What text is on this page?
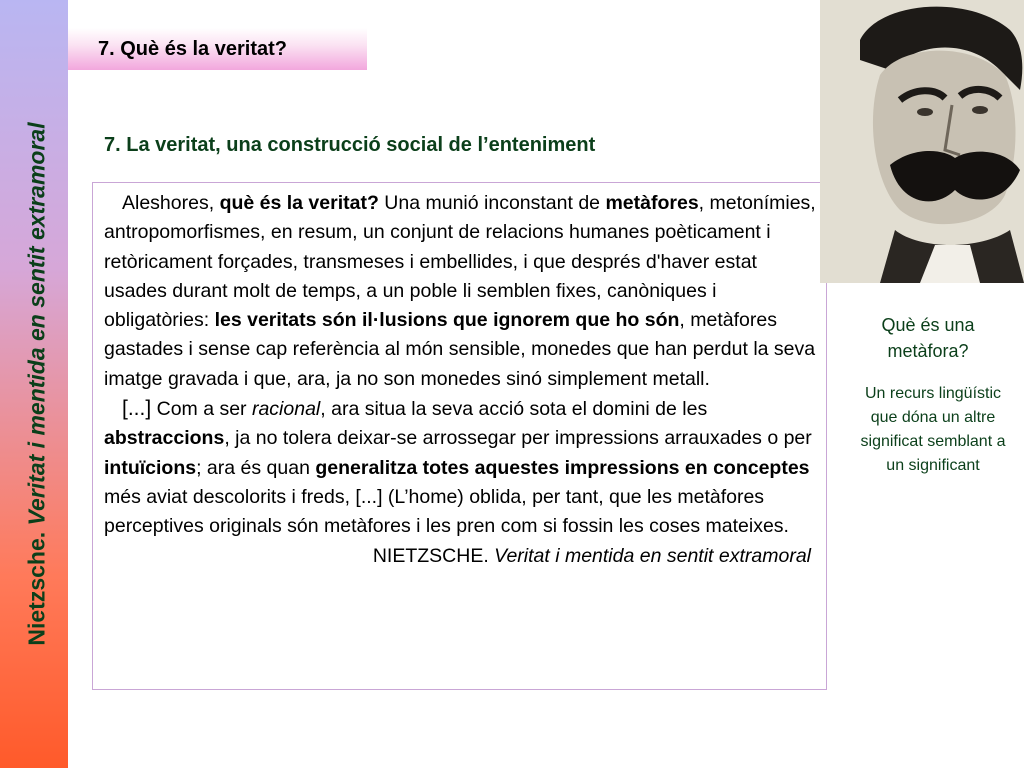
Nietzsche. Veritat i mentida en sentit extramoral
7. Què és la veritat?
7. La veritat, una construcció social de l’enteniment

Aleshores, què és la veritat? Una munió inconstant de metàfores, metonímies, antropomorfismes, en resum, un conjunt de relacions humanes poèticament i retòricament forçades, transmeses i embellides, i que després d'haver estat usades durant molt de temps, a un poble li semblen fixes, canòniques i obligatòries: les veritats són il·lusions que ignorem que ho són, metàfores gastades i sense cap referència al món sensible, monedes que han perdut la seva imatge gravada i que, ara, ja no son monedes sinó simplement metall.

[...] Com a ser racional, ara situa la seva acció sota el domini de les abstraccions, ja no tolera deixar-se arrossegar per impressions arrauxades o per intuïcions; ara és quan generalitza totes aquestes impressions en conceptes més aviat descolorits i freds, [...] (L’home) oblida, per tant, que les metàfores perceptives originals són metàfores i les pren com si fossin les coses mateixes.

NIETZSCHE. Veritat i mentida en sentit extramoral

Què és una metàfora?
Un recurs lingüístic que dóna un altre significat semblant a un significant
